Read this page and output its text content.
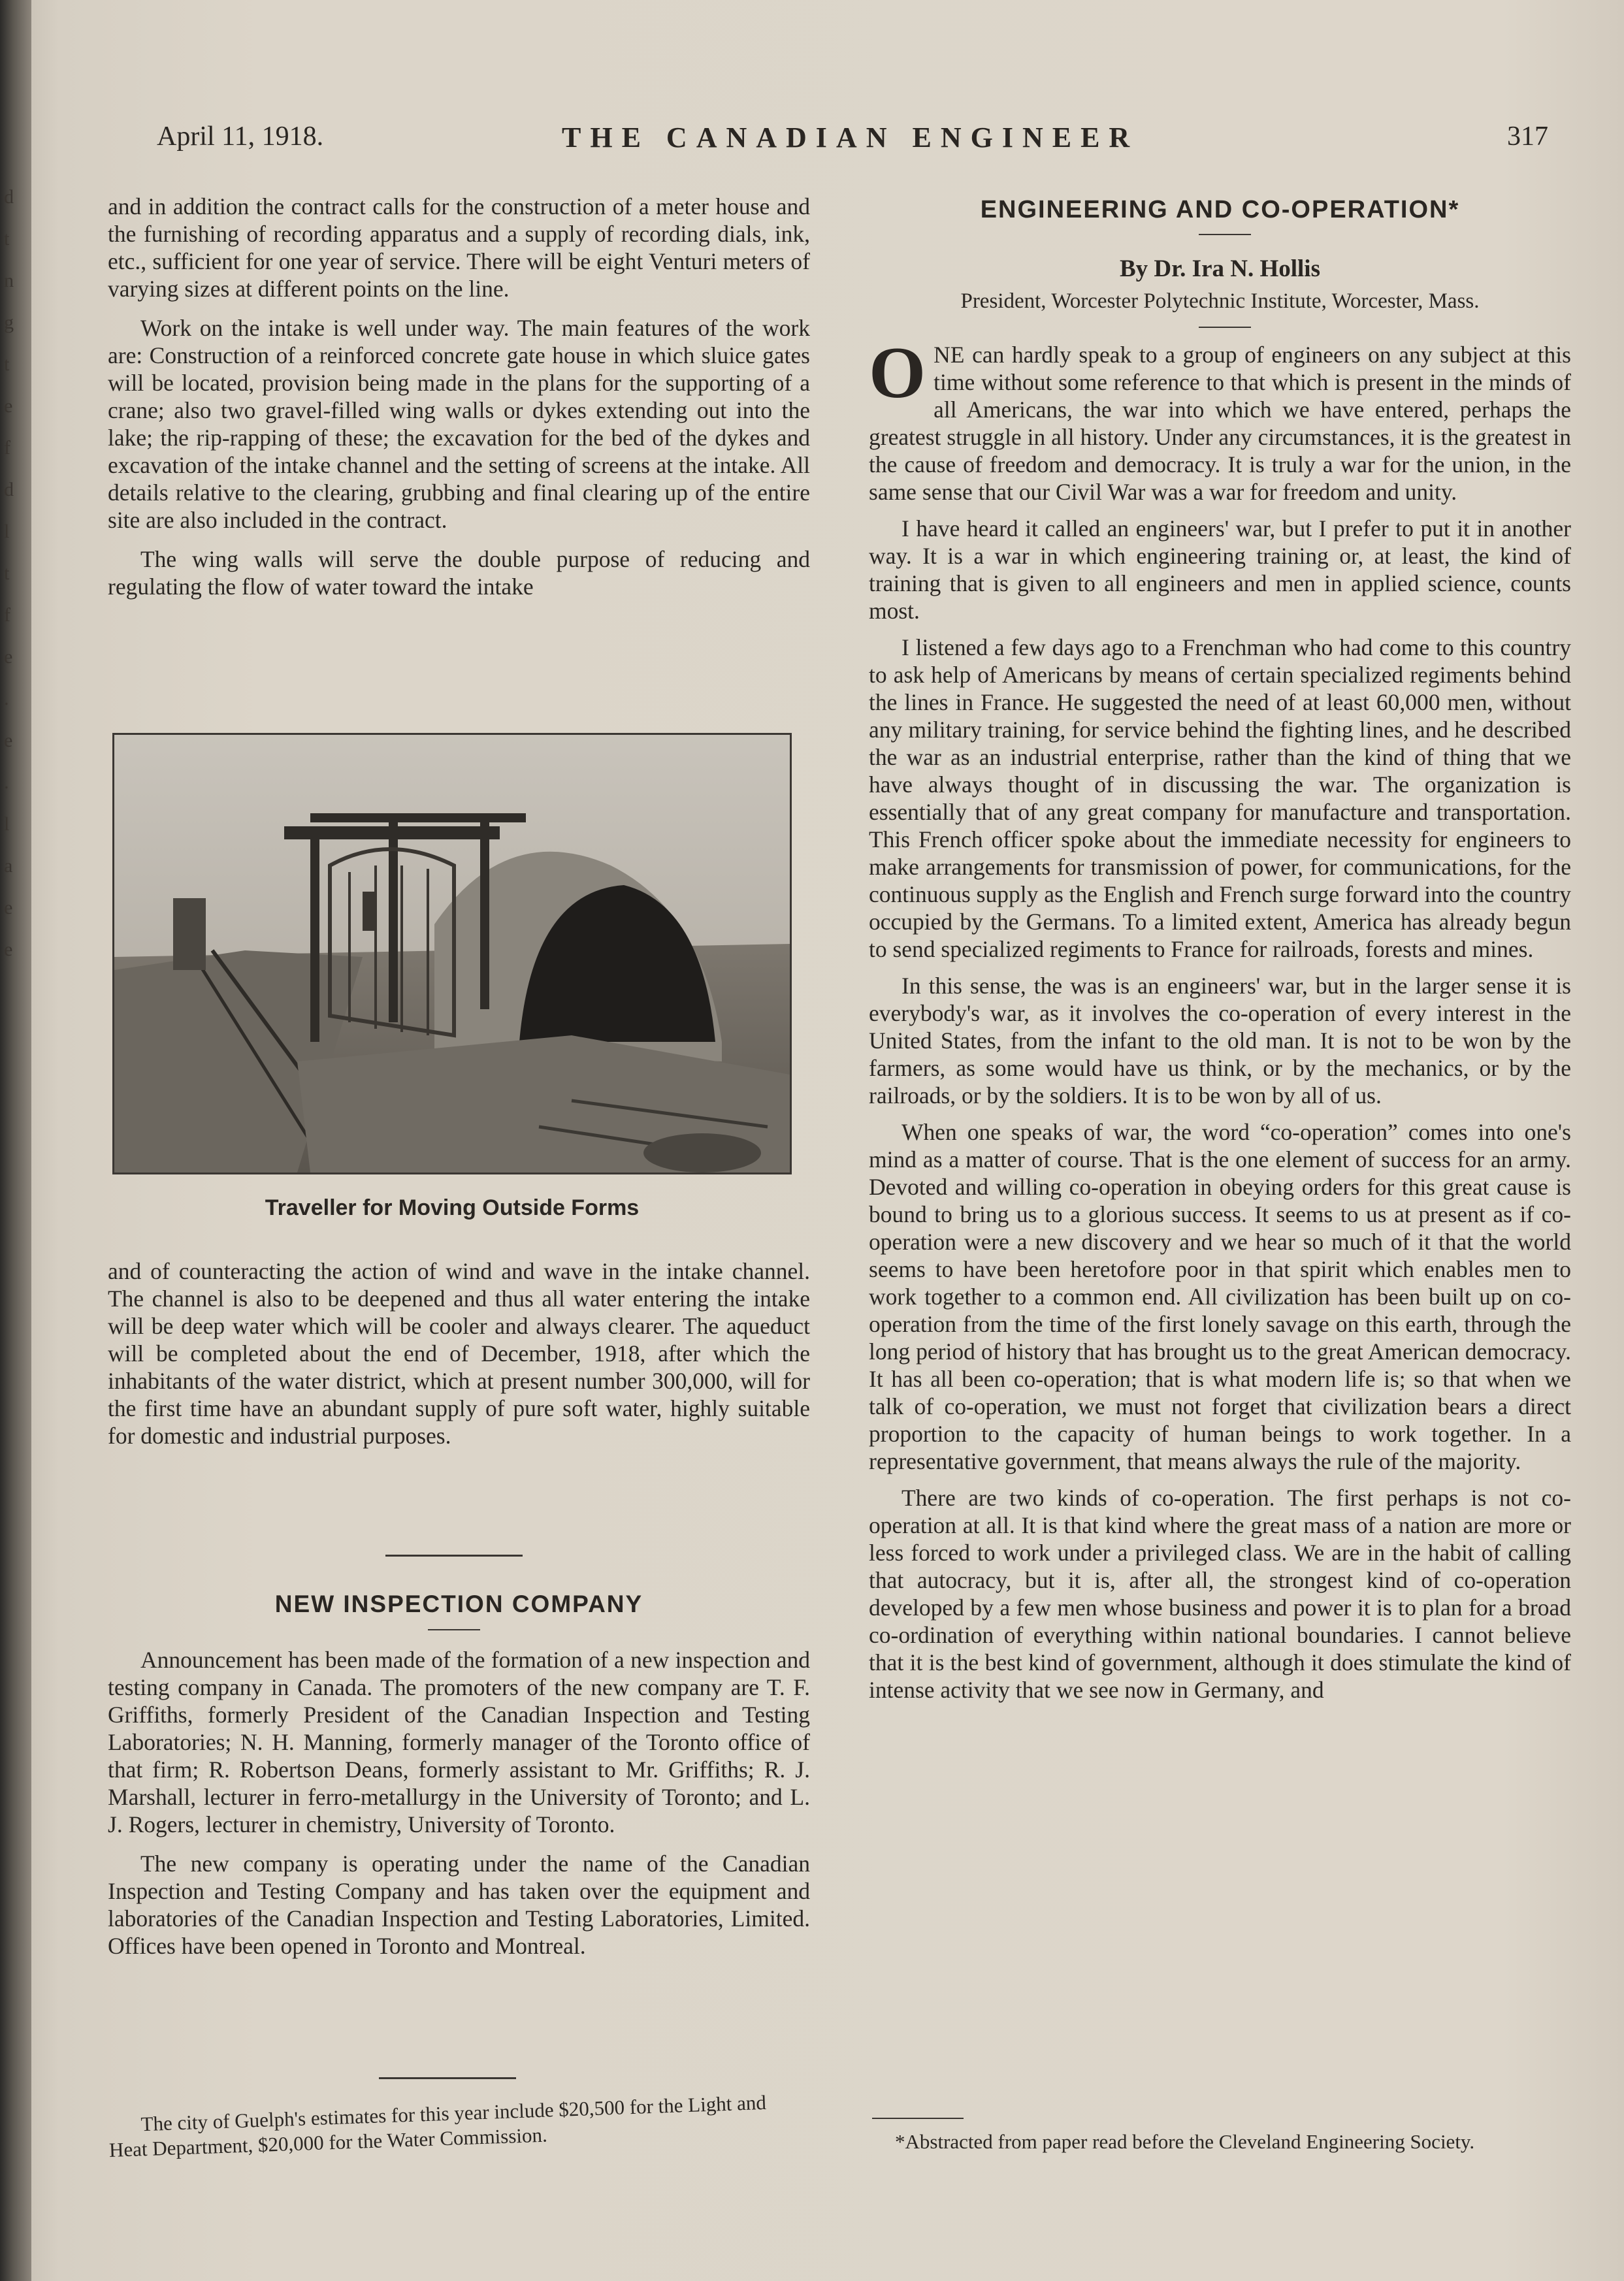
d t n g t e f d l t f e . e . l a e e
April 11, 1918.	THE CANADIAN ENGINEER	317

and in addition the contract calls for the construction of a meter house and the furnishing of recording apparatus and a supply of recording dials, ink, etc., sufficient for one year of service. There will be eight Venturi meters of varying sizes at different points on the line.

Work on the intake is well under way. The main features of the work are: Construction of a reinforced concrete gate house in which sluice gates will be located, provision being made in the plans for the supporting of a crane; also two gravel-filled wing walls or dykes extending out into the lake; the rip-rapping of these; the excavation for the bed of the dykes and excavation of the intake channel and the setting of screens at the intake. All details relative to the clearing, grubbing and final clearing up of the entire site are also included in the contract.

The wing walls will serve the double purpose of reducing and regulating the flow of water toward the intake

Traveller for Moving Outside Forms

and of counteracting the action of wind and wave in the intake channel. The channel is also to be deepened and thus all water entering the intake will be deep water which will be cooler and always clearer. The aqueduct will be completed about the end of December, 1918, after which the inhabitants of the water district, which at present number 300,000, will for the first time have an abundant supply of pure soft water, highly suitable for domestic and industrial purposes.

NEW INSPECTION COMPANY

Announcement has been made of the formation of a new inspection and testing company in Canada. The promoters of the new company are T. F. Griffiths, formerly President of the Canadian Inspection and Testing Laboratories; N. H. Manning, formerly manager of the Toronto office of that firm; R. Robertson Deans, formerly assistant to Mr. Griffiths; R. J. Marshall, lecturer in ferro-metallurgy in the University of Toronto; and L. J. Rogers, lecturer in chemistry, University of Toronto.

The new company is operating under the name of the Canadian Inspection and Testing Company and has taken over the equipment and laboratories of the Canadian Inspection and Testing Laboratories, Limited. Offices have been opened in Toronto and Montreal.

The city of Guelph's estimates for this year include $20,500 for the Light and Heat Department, $20,000 for the Water Commission.
ENGINEERING AND CO-OPERATION*
By Dr. Ira N. Hollis
President, Worcester Polytechnic Institute, Worcester, Mass.

ONE can hardly speak to a group of engineers on any subject at this time without some reference to that which is present in the minds of all Americans, the war into which we have entered, perhaps the greatest struggle in all history. Under any circumstances, it is the greatest in the cause of freedom and democracy. It is truly a war for the union, in the same sense that our Civil War was a war for freedom and unity.

I have heard it called an engineers' war, but I prefer to put it in another way. It is a war in which engineering training or, at least, the kind of training that is given to all engineers and men in applied science, counts most.

I listened a few days ago to a Frenchman who had come to this country to ask help of Americans by means of certain specialized regiments behind the lines in France. He suggested the need of at least 60,000 men, without any military training, for service behind the fighting lines, and he described the war as an industrial enterprise, rather than the kind of thing that we have always thought of in discussing the war. The organization is essentially that of any great company for manufacture and transportation. This French officer spoke about the immediate necessity for engineers to make arrangements for transmission of power, for communications, for the continuous supply as the English and French surge forward into the country occupied by the Germans. To a limited extent, America has already begun to send specialized regiments to France for railroads, forests and mines.

In this sense, the was is an engineers' war, but in the larger sense it is everybody's war, as it involves the co-operation of every interest in the United States, from the infant to the old man. It is not to be won by the farmers, as some would have us think, or by the mechanics, or by the railroads, or by the soldiers. It is to be won by all of us.

When one speaks of war, the word “co-operation” comes into one's mind as a matter of course. That is the one element of success for an army. Devoted and willing co-operation in obeying orders for this great cause is bound to bring us to a glorious success. It seems to us at present as if co-operation were a new discovery and we hear so much of it that the world seems to have been heretofore poor in that spirit which enables men to work together to a common end. All civilization has been built up on co-operation from the time of the first lonely savage on this earth, through the long period of history that has brought us to the great American democracy. It has all been co-operation; that is what modern life is; so that when we talk of co-operation, we must not forget that civilization bears a direct proportion to the capacity of human beings to work together. In a representative government, that means always the rule of the majority.

There are two kinds of co-operation. The first perhaps is not co-operation at all. It is that kind where the great mass of a nation are more or less forced to work under a privileged class. We are in the habit of calling that autocracy, but it is, after all, the strongest kind of co-operation developed by a few men whose business and power it is to plan for a broad co-ordination of everything within national boundaries. I cannot believe that it is the best kind of government, although it does stimulate the kind of intense activity that we see now in Germany, and

*Abstracted from paper read before the Cleveland Engineering Society.
